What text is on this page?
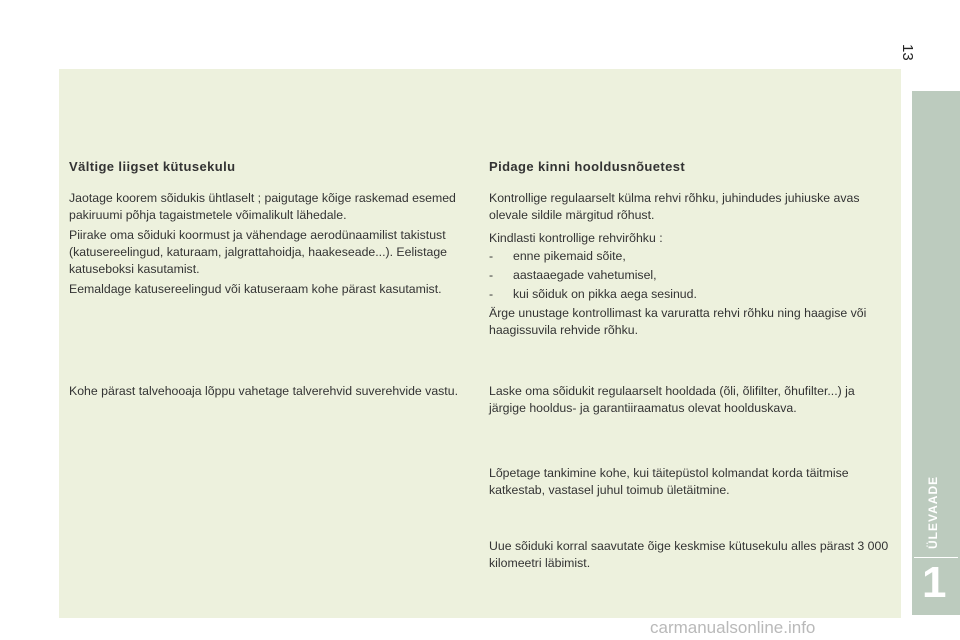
13
ÜLEVAADE
1
Vältige liigset kütusekulu

Jaotage koorem sõidukis ühtlaselt ; paigutage kõige raskemad esemed pakiruumi põhja tagaistmetele võimalikult lähedale.

Piirake oma sõiduki koormust ja vähendage aerodünaamilist takistust (katusereelingud, katuraam, jalgrattahoidja, haakeseade...). Eelistage katuseboksi kasutamist.

Eemaldage katusereelingud või katuseraam kohe pärast kasutamist.

Kohe pärast talvehooaja lõppu vahetage talverehvid suverehvide vastu.

Pidage kinni hooldusnõuetest

Kontrollige regulaarselt külma rehvi rõhku, juhindudes juhiuske avas olevale sildile märgitud rõhust.

Kindlasti kontrollige rehvirõhku :

- enne pikemaid sõite,
- aastaaegade vahetumisel,
- kui sõiduk on pikka aega sesinud.

Ärge unustage kontrollimast ka varuratta rehvi rõhku ning haagise või haagissuvila rehvide rõhku.

Laske oma sõidukit regulaarselt hooldada (õli, õlifilter, õhufilter...) ja järgige hooldus- ja garantiiraamatus olevat hoolduskava.

Lõpetage tankimine kohe, kui täitepüstol kolmandat korda täitmise katkestab, vastasel juhul toimub ületäitmine.

Uue sõiduki korral saavutate õige keskmise kütusekulu alles pärast 3 000 kilomeetri läbimist.

carmanualsonline.info
